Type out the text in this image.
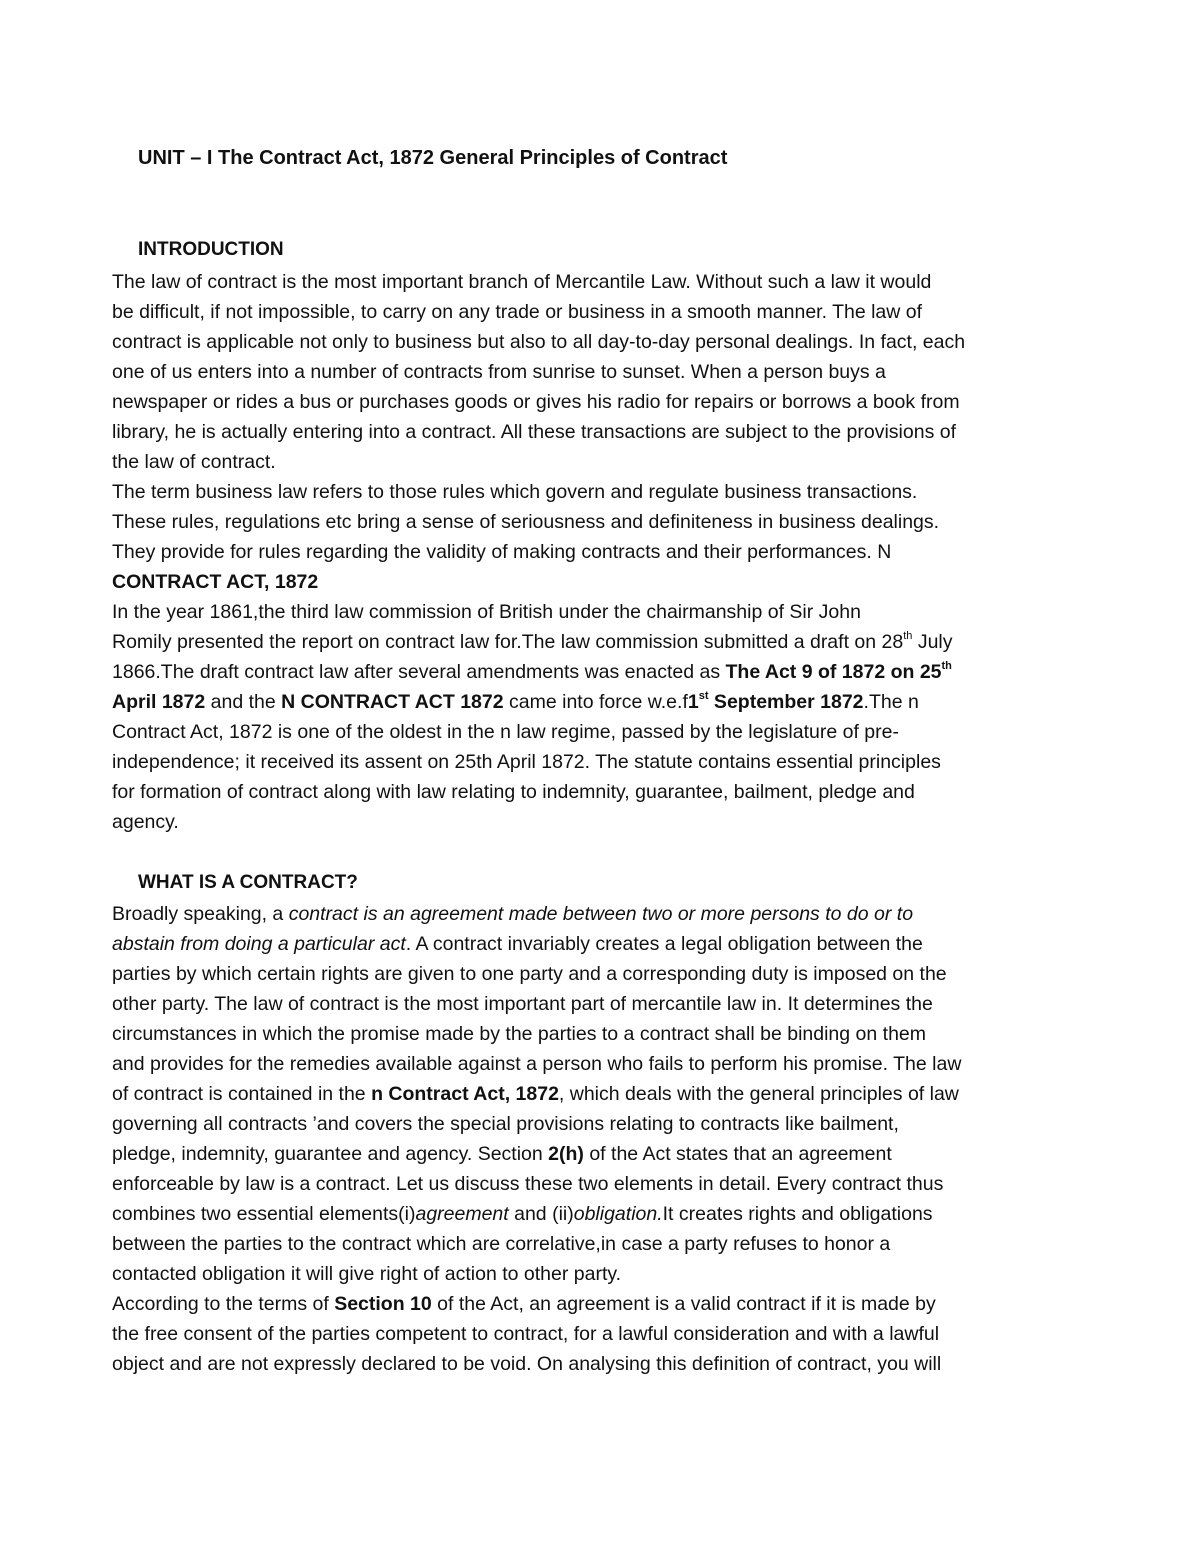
UNIT – I The Contract Act, 1872 General Principles of Contract
INTRODUCTION
The law of contract is the most important branch of Mercantile Law. Without such a law it would
be difficult, if not impossible, to carry on any trade or business in a smooth manner. The law of
contract is applicable not only to business but also to all day-to-day personal dealings. In fact, each
one of us enters into a number of contracts from sunrise to sunset. When a person buys a
newspaper or rides a bus or purchases goods or gives his radio for repairs or borrows a book from
library, he is actually entering into a contract. All these transactions are subject to the provisions of
the law of contract.
The term business law refers to those rules which govern and regulate business transactions.
These rules, regulations etc bring a sense of seriousness and definiteness in business dealings.
They provide for rules regarding the validity of making contracts and their performances. N
CONTRACT ACT, 1872
In the year 1861,the third law commission of British under the chairmanship of Sir John
Romily presented the report on contract law for.The law commission submitted a draft on 28th July
1866.The draft contract law after several amendments was enacted as The Act 9 of 1872 on 25th
April 1872 and the N CONTRACT ACT 1872 came into force w.e.f1st September 1872.The n
Contract Act, 1872 is one of the oldest in the n law regime, passed by the legislature of pre-
independence; it received its assent on 25th April 1872. The statute contains essential principles
for formation of contract along with law relating to indemnity, guarantee, bailment, pledge and
agency.
WHAT IS A CONTRACT?
Broadly speaking, a contract is an agreement made between two or more persons to do or to
abstain from doing a particular act. A contract invariably creates a legal obligation between the
parties by which certain rights are given to one party and a corresponding duty is imposed on the
other party. The law of contract is the most important part of mercantile law in. It determines the
circumstances in which the promise made by the parties to a contract shall be binding on them
and provides for the remedies available against a person who fails to perform his promise. The law
of contract is contained in the n Contract Act, 1872, which deals with the general principles of law
governing all contracts ’and covers the special provisions relating to contracts like bailment,
pledge, indemnity, guarantee and agency. Section 2(h) of the Act states that an agreement
enforceable by law is a contract. Let us discuss these two elements in detail. Every contract thus
combines two essential elements(i)agreement and (ii)obligation.It creates rights and obligations
between the parties to the contract which are correlative,in case a party refuses to honor a
contacted obligation it will give right of action to other party.
According to the terms of Section 10 of the Act, an agreement is a valid contract if it is made by
the free consent of the parties competent to contract, for a lawful consideration and with a lawful
object and are not expressly declared to be void. On analysing this definition of contract, you will
